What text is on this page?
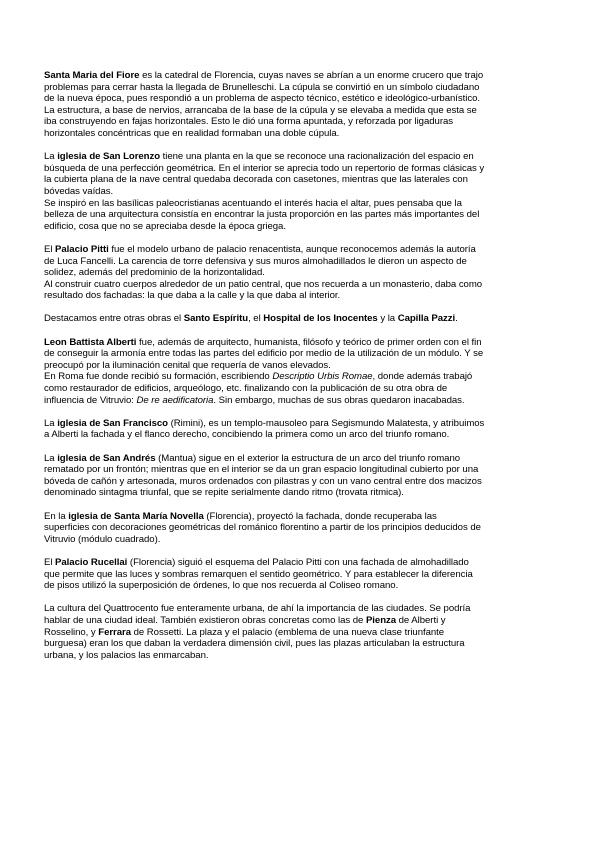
Santa Maria del Fiore es la catedral de Florencia, cuyas naves se abrían a un enorme crucero que trajo
problemas para cerrar hasta la llegada de Brunelleschi. La cúpula se convirtió en un símbolo ciudadano
de la nueva época, pues respondió a un problema de aspecto técnico, estético e ideológico-urbanístico.
La estructura, a base de nervios, arrancaba de la base de la cúpula y se elevaba a medida que esta se
iba construyendo en fajas horizontales. Esto le dió una forma apuntada, y reforzada por ligaduras
horizontales concéntricas que en realidad formaban una doble cúpula.
La iglesia de San Lorenzo tiene una planta en la que se reconoce una racionalización del espacio en
búsqueda de una perfección geométrica. En el interior se aprecia todo un repertorio de formas clásicas y
la cubierta plana de la nave central quedaba decorada con casetones, mientras que las laterales con
bóvedas vaídas.
Se inspiró en las basílicas paleocristianas acentuando el interés hacia el altar, pues pensaba que la
belleza de una arquitectura consistía en encontrar la justa proporción en las partes más importantes del
edificio, cosa que no se apreciaba desde la época griega.
El Palacio Pitti fue el modelo urbano de palacio renacentista, aunque reconocemos además la autoría
de Luca Fancelli. La carencia de torre defensiva y sus muros almohadillados le dieron un aspecto de
solidez, además del predominio de la horizontalidad.
Al construir cuatro cuerpos alrededor de un patio central, que nos recuerda a un monasterio, daba como
resultado dos fachadas: la que daba a la calle y la que daba al interior.
Destacamos entre otras obras el Santo Espíritu, el Hospital de los Inocentes y la Capilla Pazzi.
Leon Battista Alberti fue, además de arquitecto, humanista, filósofo y teórico de primer orden con el fin
de conseguir la armonía entre todas las partes del edificio por medio de la utilización de un módulo. Y se
preocupó por la iluminación cenital que requería de vanos elevados.
En Roma fue donde recibió su formación, escribiendo Descriptio Urbis Romae, donde además trabajó
como restaurador de edificios, arqueólogo, etc. finalizando con la publicación de su otra obra de
influencia de Vitruvio: De re aedificatoria. Sin embargo, muchas de sus obras quedaron inacabadas.
La iglesia de San Francisco (Rimini), es un templo-mausoleo para Segismundo Malatesta, y atribuimos
a Alberti la fachada y el flanco derecho, concibiendo la primera como un arco del triunfo romano.
La iglesia de San Andrés (Mantua) sigue en el exterior la estructura de un arco del triunfo romano
rematado por un frontón; mientras que en el interior se da un gran espacio longitudinal cubierto por una
bóveda de cañón y artesonada, muros ordenados con pilastras y con un vano central entre dos macizos
denominado sintagma triunfal, que se repite serialmente dando ritmo (trovata ritmica).
En la iglesia de Santa María Novella (Florencia), proyectó la fachada, donde recuperaba las
superficies con decoraciones geométricas del románico florentino a partir de los principios deducidos de
Vitruvio (módulo cuadrado).
El Palacio Rucellai (Florencia) siguió el esquema del Palacio Pitti con una fachada de almohadillado
que permite que las luces y sombras remarquen el sentido geométrico. Y para establecer la diferencia
de pisos utilizó la superposición de órdenes, lo que nos recuerda al Coliseo romano.
La cultura del Quattrocento fue enteramente urbana, de ahí la importancia de las ciudades. Se podría
hablar de una ciudad ideal. También existieron obras concretas como las de Pienza de Alberti y
Rosselino, y Ferrara de Rossetti. La plaza y el palacio (emblema de una nueva clase triunfante
burguesa) eran los que daban la verdadera dimensión civil, pues las plazas articulaban la estructura
urbana, y los palacios las enmarcaban.
